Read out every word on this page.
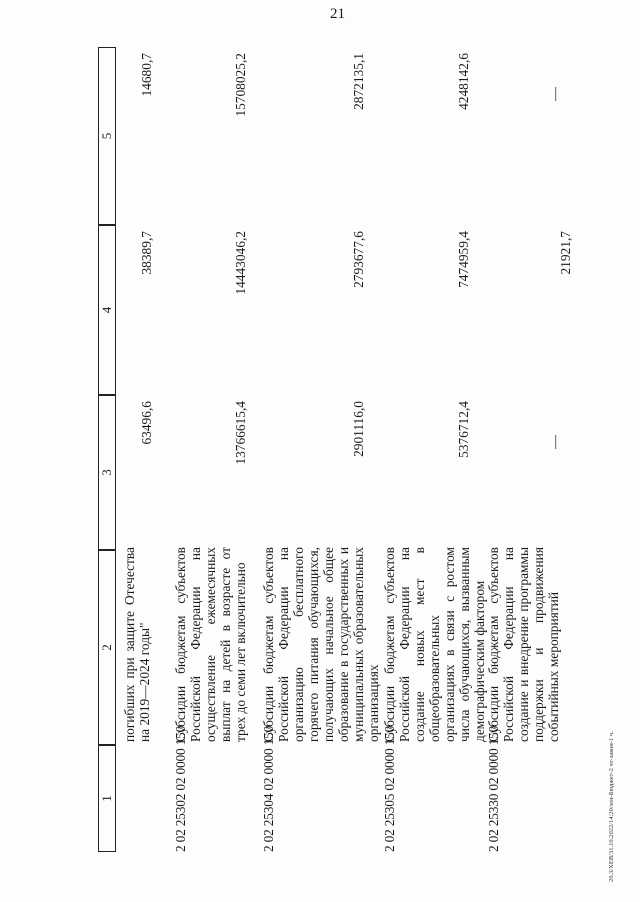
21
20.3/ХЕВ/31.10.2022/14:20/зен-Бюджет-2 чт-закон-1 ч.
1
2
3
4
5
погибших при защите Отечества на 2019—2024 годы"
63496,6
38389,7
14680,7
2 02 25302 02 0000 150
Субсидии бюджетам субъектов Российской Федерации на осуществление ежемесячных выплат на детей в возрасте от трех до семи лет включительно
13766615,4
14443046,2
15708025,2
2 02 25304 02 0000 150
Субсидии бюджетам субъектов Российской Федерации на организацию бесплатного горячего питания обучающихся, получающих начальное общее образование в государственных и муниципальных образовательных организациях
2901116,0
2793677,6
2872135,1
2 02 25305 02 0000 150
Субсидии бюджетам субъектов Российской Федерации на создание новых мест в общеобразовательных организациях в связи с ростом числа обучающихся, вызванным демографическим фактором
5376712,4
7474959,4
4248142,6
2 02 25330 02 0000 150
Субсидии бюджетам субъектов Российской Федерации на создание и внедрение программы поддержки и продвижения событийных мероприятий
—
21921,7
—
